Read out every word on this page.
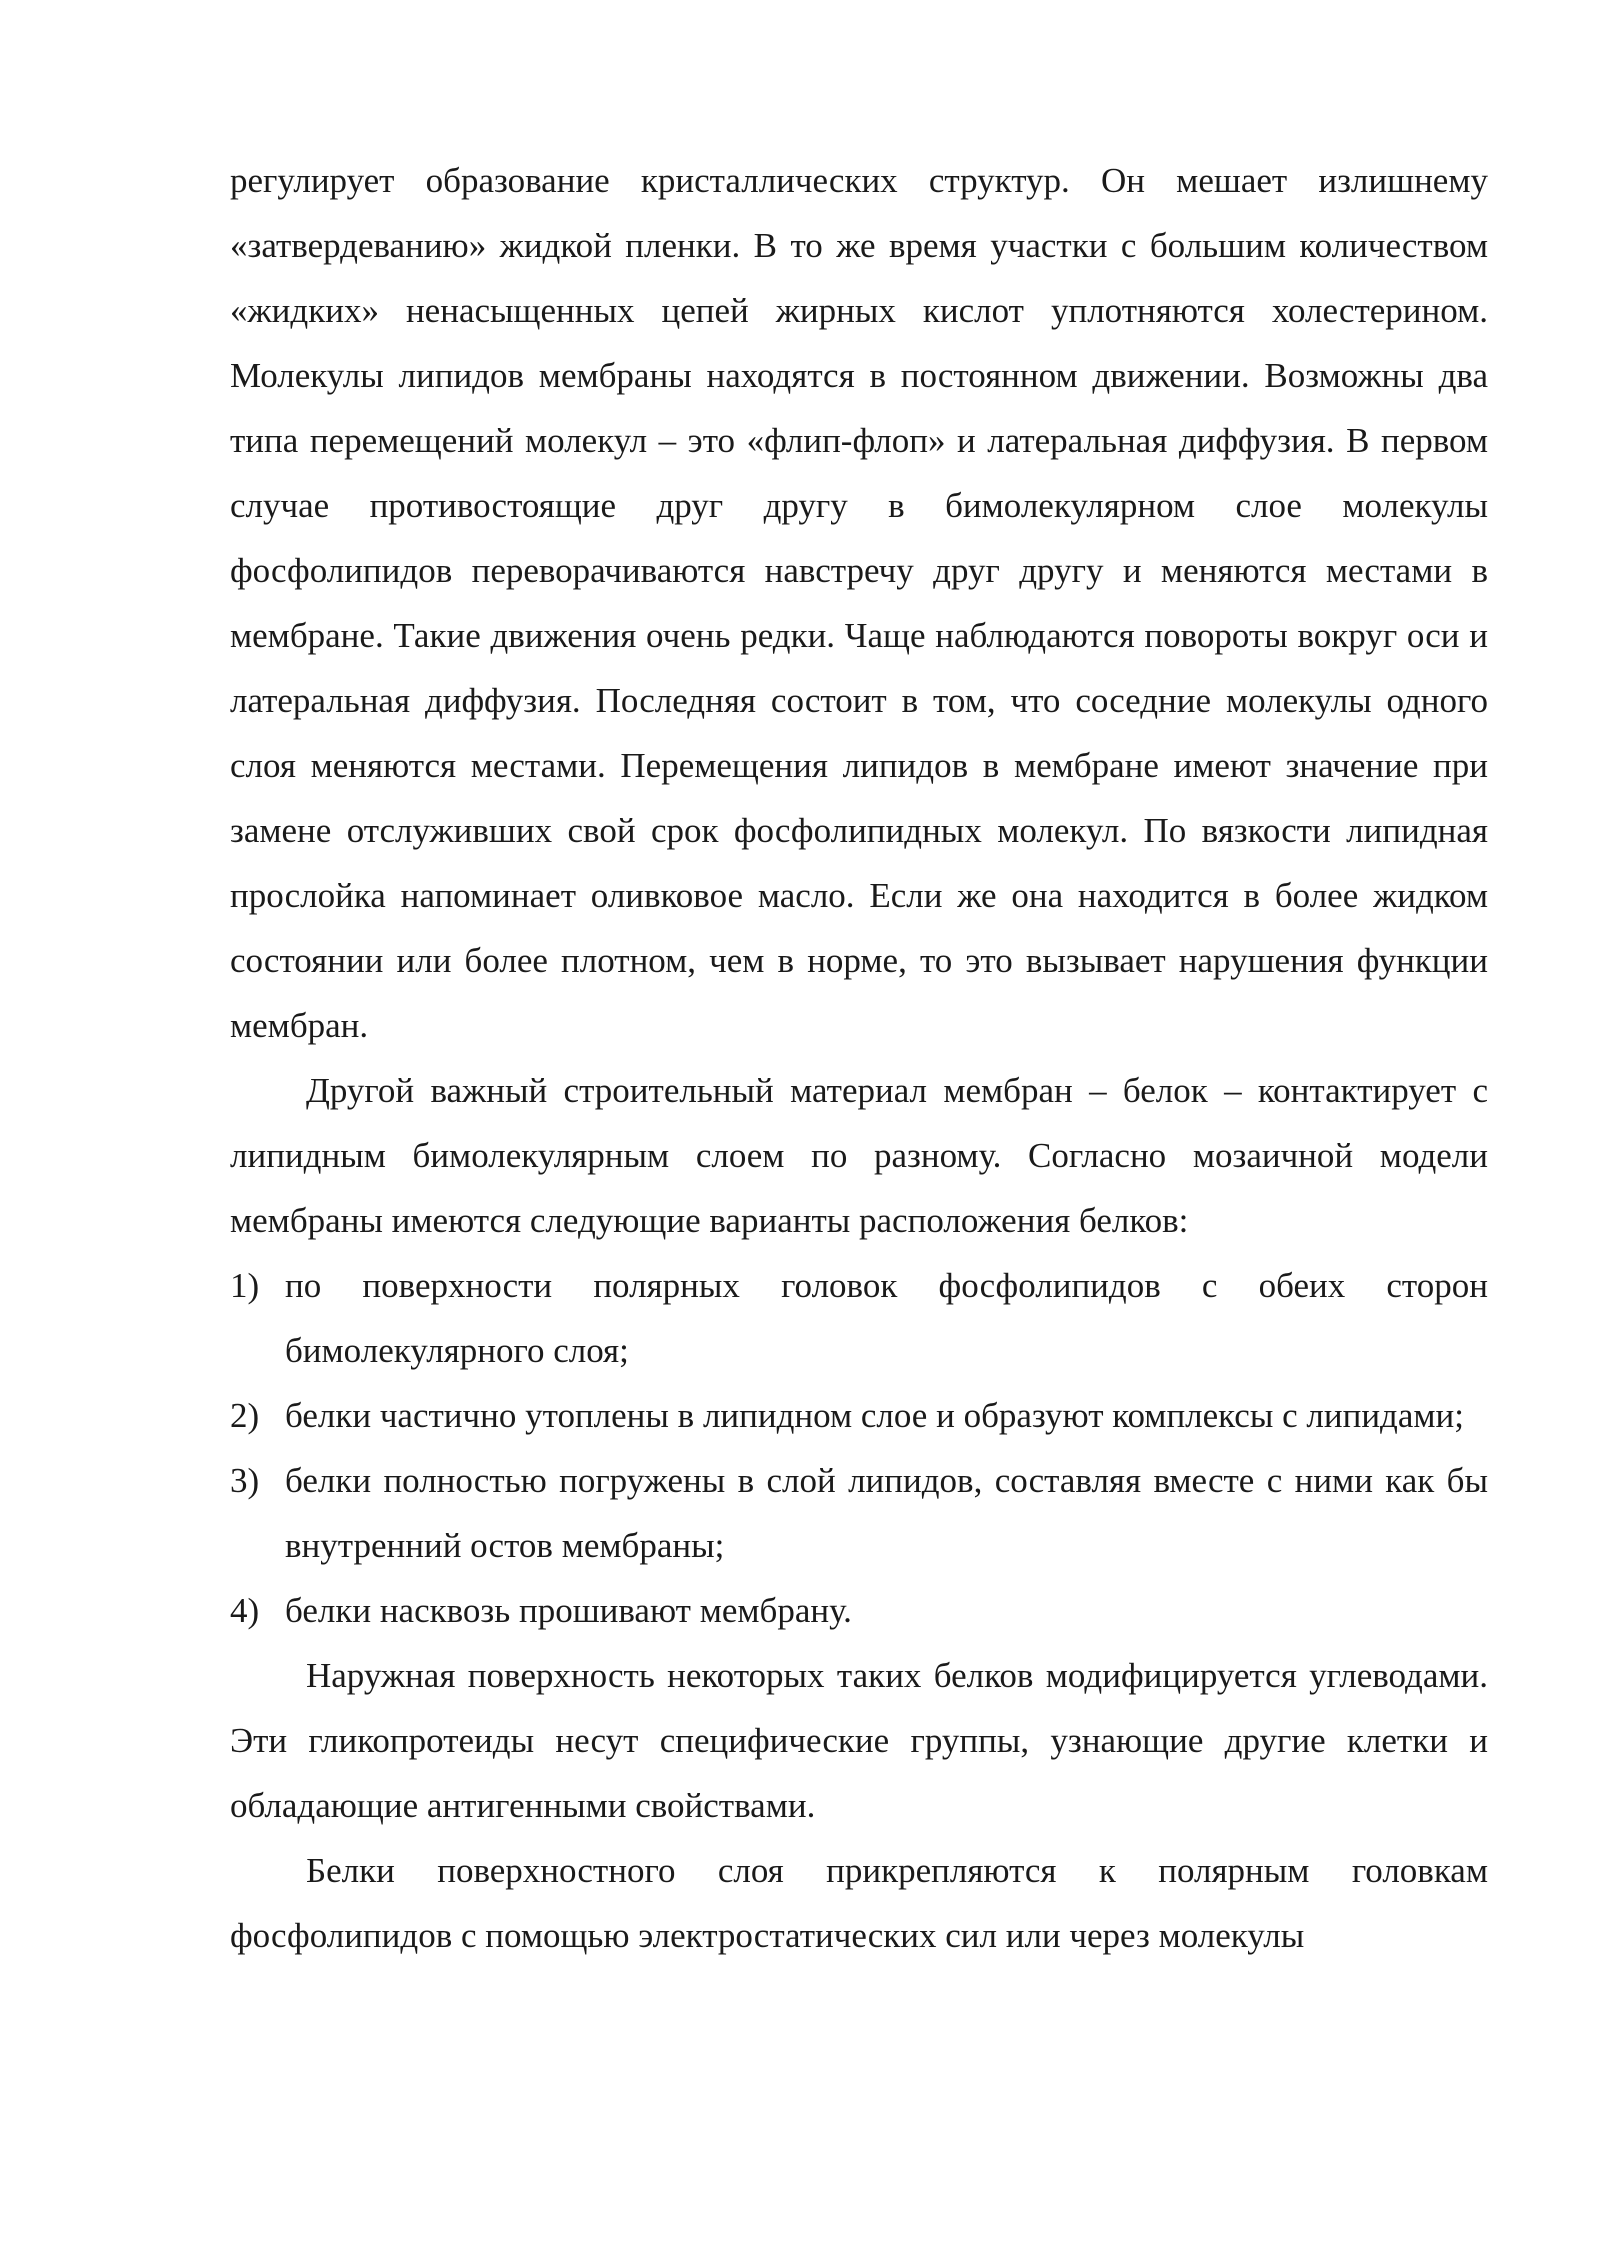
регулирует образование кристаллических структур. Он мешает излишнему «затвердеванию» жидкой пленки. В то же время участки с большим количеством «жидких» ненасыщенных цепей жирных кислот уплотняются холестерином. Молекулы липидов мембраны находятся в постоянном движении. Возможны два типа перемещений молекул – это «флип-флоп» и латеральная диффузия. В первом случае противостоящие друг другу в бимолекулярном слое молекулы фосфолипидов переворачиваются навстречу друг другу и меняются местами в мембране. Такие движения очень редки. Чаще наблюдаются повороты вокруг оси и латеральная диффузия. Последняя состоит в том, что соседние молекулы одного слоя меняются местами. Перемещения липидов в мембране имеют значение при замене отслуживших свой срок фосфолипидных молекул. По вязкости липидная прослойка напоминает оливковое масло. Если же она находится в более жидком состоянии или более плотном, чем в норме, то это вызывает нарушения функции мембран.

Другой важный строительный материал мембран – белок – контактирует с липидным бимолекулярным слоем по разному. Согласно мозаичной модели мембраны имеются следующие варианты расположения белков:

1) по поверхности полярных головок фосфолипидов с обеих сторон бимолекулярного слоя;
2) белки частично утоплены в липидном слое и образуют комплексы с липидами;
3) белки полностью погружены в слой липидов, составляя вместе с ними как бы внутренний остов мембраны;
4) белки насквозь прошивают мембрану.

Наружная поверхность некоторых таких белков модифицируется углеводами. Эти гликопротеиды несут специфические группы, узнающие другие клетки и обладающие антигенными свойствами.

Белки поверхностного слоя прикрепляются к полярным головкам фосфолипидов с помощью электростатических сил или через молекулы
